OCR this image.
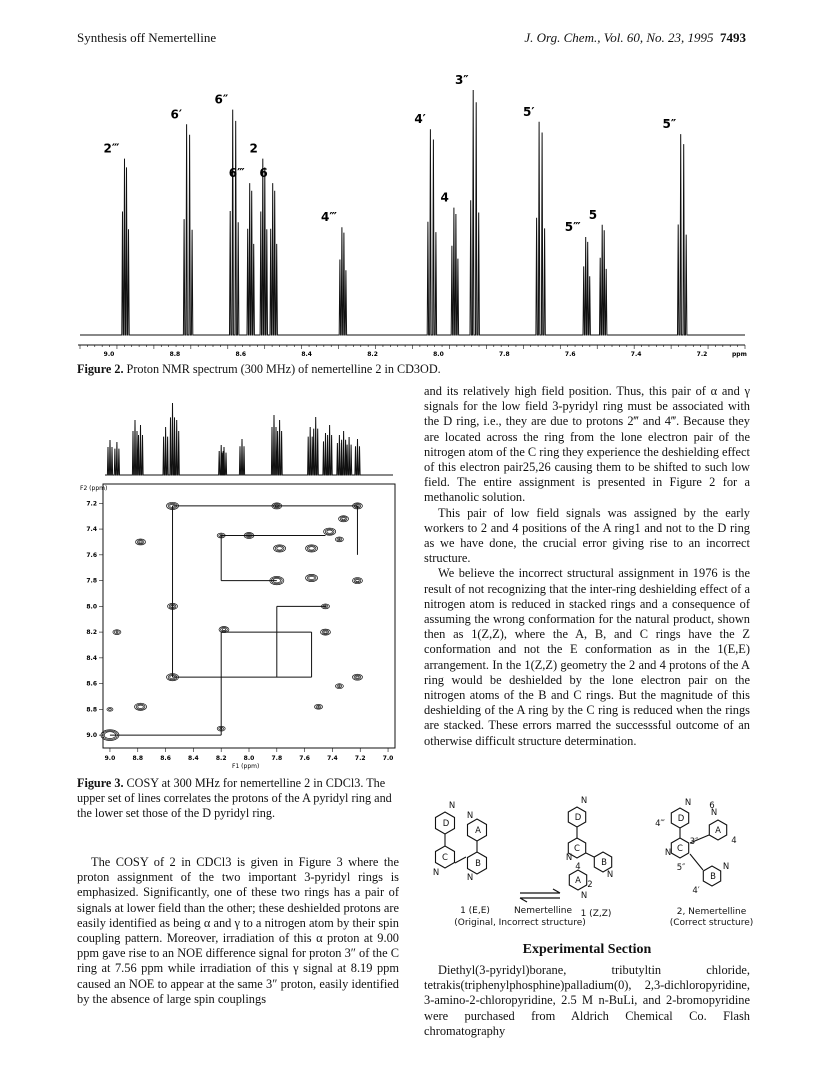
Synthesis off Nemertelline	J. Org. Chem., Vol. 60, No. 23, 1995 7493
9.0	8.8	8.6	8.4	8.2	8.0	7.8	7.6	7.4	7.2	ppm
2‴
6′
6″
6‴
2
6
4‴
4′
3″
4
5′
5‴
5
5″
Figure 2. Proton NMR spectrum (300 MHz) of nemertelline 2 in CD3OD.
9.0	8.8	8.6	8.4	8.2	8.0	7.8	7.6	7.4	7.2	7.0
7.2
7.4
7.6
7.8
8.0
8.2
8.4
8.6
8.8
9.0
F2 (ppm)
F1 (ppm)
Figure 3. COSY at 300 MHz for nemertelline 2 in CDCl3. The upper set of lines correlates the protons of the A pyridyl ring and the lower set those of the D pyridyl ring.

The COSY of 2 in CDCl3 is given in Figure 3 where the proton assignment of the two important 3-pyridyl rings is emphasized. Significantly, one of these two rings has a pair of signals at lower field than the other; these deshielded protons are easily identified as being α and γ to a nitrogen atom by their spin coupling pattern. Moreover, irradiation of this α proton at 9.00 ppm gave rise to an NOE difference signal for proton 3″ of the C ring at 7.56 ppm while irradiation of this γ signal at 8.19 ppm caused an NOE to appear at the same 3″ proton, easily identified by the absence of large spin couplings

and its relatively high field position. Thus, this pair of α and γ signals for the low field 3-pyridyl ring must be associated with the D ring, i.e., they are due to protons 2‴ and 4‴. Because they are located across the ring from the lone electron pair of the nitrogen atom of the C ring they experience the deshielding effect of this electron pair25,26 causing them to be shifted to such low field. The entire assignment is presented in Figure 2 for a methanolic solution.

This pair of low field signals was assigned by the early workers to 2 and 4 positions of the A ring1 and not to the D ring as we have done, the crucial error giving rise to an incorrect structure.

We believe the incorrect structural assignment in 1976 is the result of not recognizing that the inter-ring deshielding effect of a nitrogen atom is reduced in stacked rings and a consequence of assuming the wrong conformation for the natural product, shown then as 1(Z,Z), where the A, B, and C rings have the Z conformation and not the E conformation as in the 1(E,E) arrangement. In the 1(Z,Z) geometry the 2 and 4 protons of the A ring would be deshielded by the lone electron pair on the nitrogen atoms of the B and C rings. But the magnitude of this deshielding of the A ring by the C ring is reduced when the rings are stacked. These errors marred the successsful outcome of an otherwise difficult structure determination.

D
N
C
N
B
N
A
N	D
N
C
N	B
N
A
N
2
4
D
N
4‴
C
N
3″
A
N
6
4
B
N
5″
4′
1 (E,E)	Nemertelline 1 (Z,Z)
(Original, Incorrect structure)
2, Nemertelline
(Correct structure)
Experimental Section

Diethyl(3-pyridyl)borane, tributyltin chloride, tetrakis(triphenylphosphine)palladium(0), 2,3-dichloropyridine, 3-amino-2-chloropyridine, 2.5 M n-BuLi, and 2-bromopyridine were purchased from Aldrich Chemical Co. Flash chromatography
